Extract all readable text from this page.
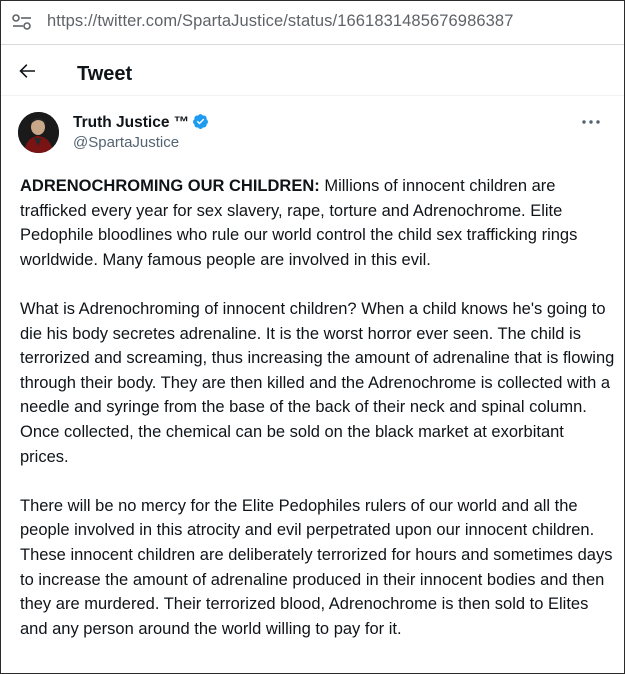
https://twitter.com/SpartaJustice/status/1661831485676986387
Tweet
Truth Justice ™
@SpartaJustice

ADRENOCHROMING OUR CHILDREN: Millions of innocent children are trafficked every year for sex slavery, rape, torture and Adrenochrome. Elite Pedophile bloodlines who rule our world control the child sex trafficking rings worldwide. Many famous people are involved in this evil.

What is Adrenochroming of innocent children? When a child knows he's going to die his body secretes adrenaline. It is the worst horror ever seen. The child is terrorized and screaming, thus increasing the amount of adrenaline that is flowing through their body. They are then killed and the Adrenochrome is collected with a needle and syringe from the base of the back of their neck and spinal column. Once collected, the chemical can be sold on the black market at exorbitant prices.

There will be no mercy for the Elite Pedophiles rulers of our world and all the people involved in this atrocity and evil perpetrated upon our innocent children. These innocent children are deliberately terrorized for hours and sometimes days to increase the amount of adrenaline produced in their innocent bodies and then they are murdered. Their terrorized blood, Adrenochrome is then sold to Elites and any person around the world willing to pay for it.
